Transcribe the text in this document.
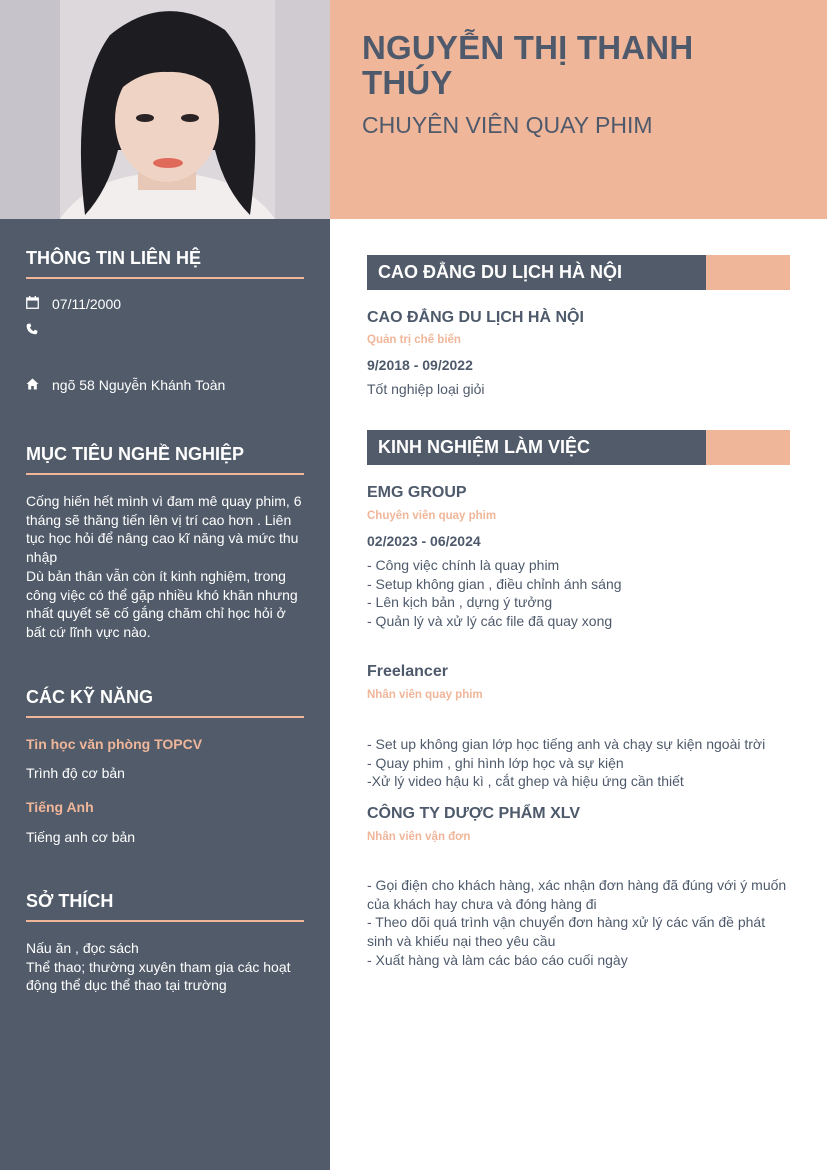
NGUYỄN THỊ THANH THÚY
CHUYÊN VIÊN QUAY PHIM
THÔNG TIN LIÊN HỆ
07/11/2000
ngõ 58 Nguyễn Khánh Toàn
MỤC TIÊU NGHỀ NGHIỆP
Cống hiến hết mình vì đam mê quay phim, 6 tháng sẽ thăng tiến lên vị trí cao hơn . Liên tục học hỏi để nâng cao kĩ năng và mức thu nhập
Dù bản thân vẫn còn ít kinh nghiệm, trong công việc có thể gặp nhiều khó khăn nhưng nhất quyết sẽ cố gắng chăm chỉ học hỏi ở bất cứ lĩnh vực nào.
CÁC KỸ NĂNG
Tin học văn phòng TOPCV
Trình độ cơ bản
Tiếng Anh
Tiếng anh cơ bản
SỞ THÍCH
Nấu ăn , đọc sách
Thể thao; thường xuyên tham gia các hoạt động thể dục thể thao tại trường
CAO ĐẲNG DU LỊCH HÀ NỘI
CAO ĐẲNG DU LỊCH HÀ NỘI
Quản trị chế biến
9/2018 - 09/2022
Tốt nghiệp loại giỏi
KINH NGHIỆM LÀM VIỆC
EMG GROUP
Chuyên viên quay phim
02/2023 - 06/2024
- Công việc chính là quay phim
- Setup không gian , điều chỉnh ánh sáng
- Lên kịch bản , dựng ý tưởng
- Quản lý và xử lý các file đã quay xong
Freelancer
Nhân viên quay phim
- Set up không gian lớp học tiếng anh và chạy sự kiện ngoài trời
- Quay phim , ghi hình lớp học và sự kiện
-Xử lý video hậu kì , cắt ghep và hiệu ứng cần thiết
CÔNG TY DƯỢC PHẨM XLV
Nhân viên vận đơn
- Gọi điện cho khách hàng, xác nhận đơn hàng đã đúng với ý muốn của khách hay chưa và đóng hàng đi
- Theo dõi quá trình vận chuyển đơn hàng xử lý các vấn đề phát sinh và khiếu nại theo yêu cầu
- Xuất hàng và làm các báo cáo cuối ngày
